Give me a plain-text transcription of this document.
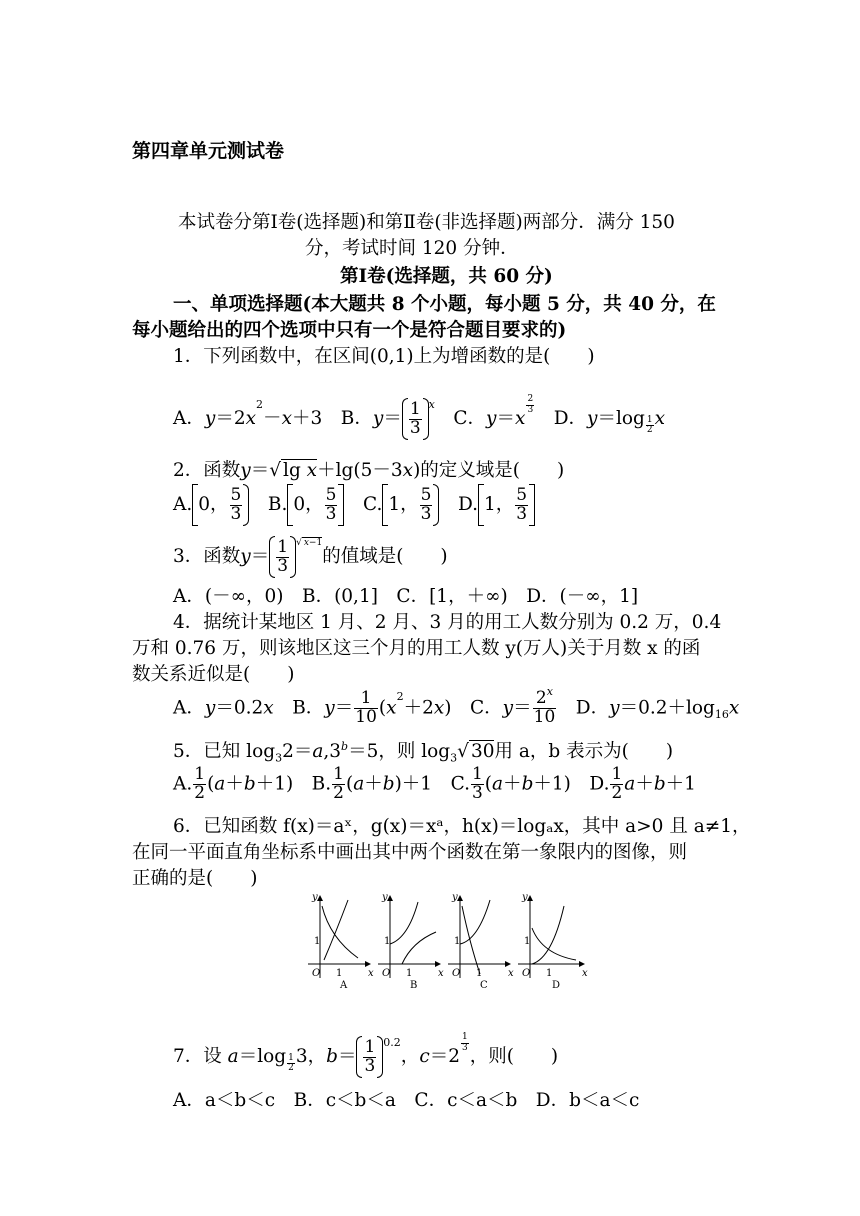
第四章单元测试卷
本试卷分第Ⅰ卷(选择题)和第Ⅱ卷(非选择题)两部分．满分 150
分，考试时间 120 分钟．
第Ⅰ卷(选择题，共 60 分)
一、单项选择题(本大题共 8 个小题，每小题 5 分，共 40 分，在
每小题给出的四个选项中只有一个是符合题目要求的)
1．下列函数中，在区间(0,1)上为增函数的是(　　)
A．$y=2x^2-x+3$　B．$y= \frac{1}{3} ^x$　C．y＝x
$^{\frac{2}{3}}$
　D．y＝log $_{\frac{1}{2}}$ x
2．函数y＝√ lg x＋lg(5－3x)的定义域是(　　)
A. 0， $\frac{5}{3}$ 　B. 0， $\frac{5}{3}$ 　C. 1， $\frac{5}{3}$ 　D. 1， $\frac{5}{3}$
3．函数$y= \frac{1}{3} ^{√ x-1}$的值域是(　　)
A．(－∞，0)　B．(0,1]　C．[1，＋∞)　D．(－∞，1]
4．据统计某地区 1 月、2 月、3 月的用工人数分别为 0.2 万，0.4
万和 0.76 万，则该地区这三个月的用工人数 y(万人)关于月数 x 的函
数关系近似是(　　)
A．y＝0.2x　B．$y= \frac{1}{10} (x^2+2x)$　C．$y= \frac{2^x}{10}$ 　D．$y=0.2+\log_{16}x$
5．已知 $\log_32=a,3^b=5$，则 $\log_3√$ 30用 a，b 表示为(　　)
A. $\frac{1}{2} (a+b+1)$　B. $\frac{1}{2} (a+b)+1$　C. $\frac{1}{3} (a+b+1)$　D. $\frac{1}{2} a+b+1$
6．已知函数 f(x)＝aˣ，g(x)＝xᵃ，h(x)＝logₐx，其中 a>0 且 a≠1，
在同一平面直角坐标系中画出其中两个函数在第一象限内的图像，则
正确的是(　　)
y
1
O 1	x
A
y
1
O 1	x
B
y
1
O 1	x
C
y
1
O 1	x
D
7．设 a＝log $_{\frac{1}{2}}$ 3，$b= \frac{1}{3} ^{0.2}$，c＝2
$^{\frac{1}{3}}$
，则(　　)
A．a＜b＜c　B．c＜b＜a　C．c＜a＜b　D．b＜a＜c
